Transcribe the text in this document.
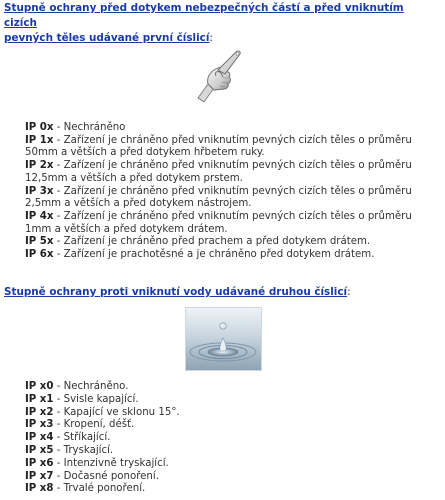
Stupně ochrany před dotykem nebezpečných částí a před vniknutím cizích
pevných těles udávané první číslicí:
IP 0x - Nechráněno
IP 1x - Zařízení je chráněno před vniknutím pevných cizích těles o průměru
50mm a větších a před dotykem hřbetem ruky.
IP 2x - Zařízení je chráněno před vniknutím pevných cizích těles o průměru
12,5mm a větších a před dotykem prstem.
IP 3x - Zařízení je chráněno před vniknutím pevných cizích těles o průměru
2,5mm a větších a před dotykem nástrojem.
IP 4x - Zařízení je chráněno před vniknutím pevných cizích těles o průměru
1mm a větších a před dotykem drátem.
IP 5x - Zařízení je chráněno před prachem a před dotykem drátem.
IP 6x - Zařízení je prachotěsné a je chráněno před dotykem drátem.
Stupně ochrany proti vniknutí vody udávané druhou číslicí:
IP x0 - Nechráněno.
IP x1 - Svisle kapající.
IP x2 - Kapající ve sklonu 15°.
IP x3 - Kropení, déšť.
IP x4 - Stříkající.
IP x5 - Tryskající.
IP x6 - Intenzivně tryskající.
IP x7 - Dočasné ponoření.
IP x8 - Trvalé ponoření.
